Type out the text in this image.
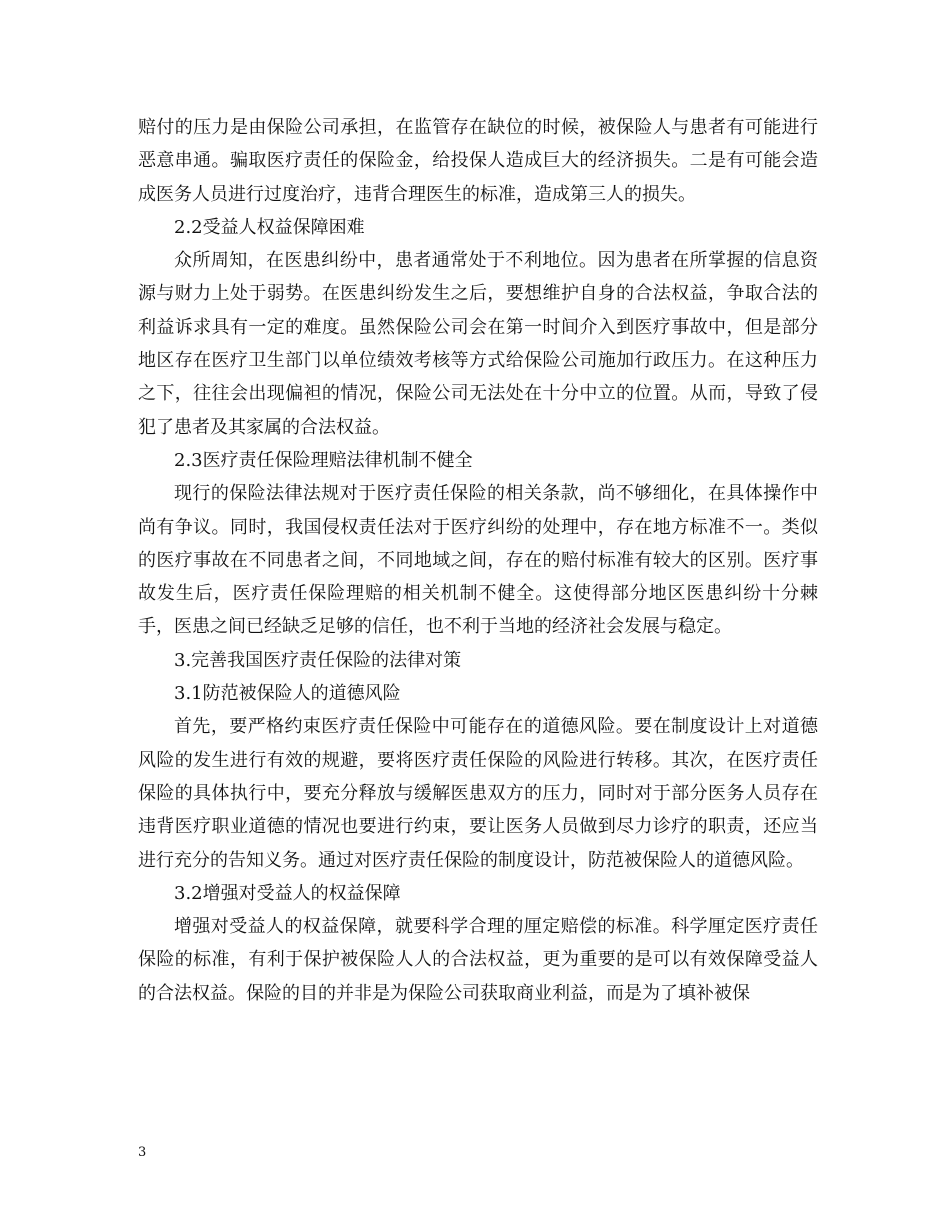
赔付的压力是由保险公司承担，在监管存在缺位的时候，被保险人与患者有可能进行恶意串通。骗取医疗责任的保险金，给投保人造成巨大的经济损失。二是有可能会造成医务人员进行过度治疗，违背合理医生的标准，造成第三人的损失。

2.2受益人权益保障困难

众所周知，在医患纠纷中，患者通常处于不利地位。因为患者在所掌握的信息资源与财力上处于弱势。在医患纠纷发生之后，要想维护自身的合法权益，争取合法的利益诉求具有一定的难度。虽然保险公司会在第一时间介入到医疗事故中，但是部分地区存在医疗卫生部门以单位绩效考核等方式给保险公司施加行政压力。在这种压力之下，往往会出现偏袒的情况，保险公司无法处在十分中立的位置。从而，导致了侵犯了患者及其家属的合法权益。

2.3医疗责任保险理赔法律机制不健全

现行的保险法律法规对于医疗责任保险的相关条款，尚不够细化，在具体操作中尚有争议。同时，我国侵权责任法对于医疗纠纷的处理中，存在地方标准不一。类似的医疗事故在不同患者之间，不同地域之间，存在的赔付标准有较大的区别。医疗事故发生后，医疗责任保险理赔的相关机制不健全。这使得部分地区医患纠纷十分棘手，医患之间已经缺乏足够的信任，也不利于当地的经济社会发展与稳定。

3.完善我国医疗责任保险的法律对策

3.1防范被保险人的道德风险

首先，要严格约束医疗责任保险中可能存在的道德风险。要在制度设计上对道德风险的发生进行有效的规避，要将医疗责任保险的风险进行转移。其次，在医疗责任保险的具体执行中，要充分释放与缓解医患双方的压力，同时对于部分医务人员存在违背医疗职业道德的情况也要进行约束，要让医务人员做到尽力诊疗的职责，还应当进行充分的告知义务。通过对医疗责任保险的制度设计，防范被保险人的道德风险。

3.2增强对受益人的权益保障

增强对受益人的权益保障，就要科学合理的厘定赔偿的标准。科学厘定医疗责任保险的标准，有利于保护被保险人人的合法权益，更为重要的是可以有效保障受益人的合法权益。保险的目的并非是为保险公司获取商业利益，而是为了填补被保

3
